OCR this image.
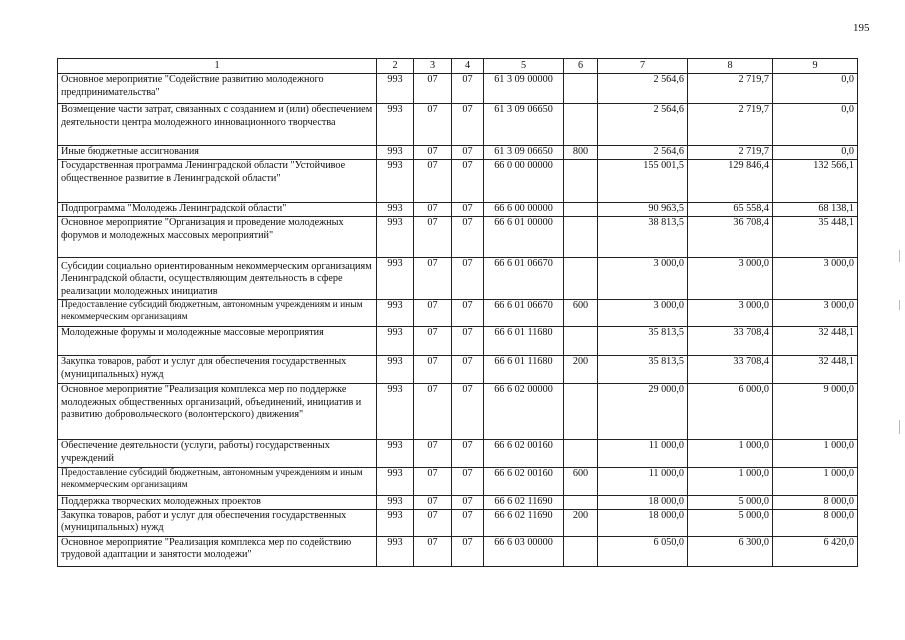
195
1	2	3	4	5	6	7	8	9
Основное мероприятие "Содействие развитию молодежного предпринимательства"	993	07	07	61 3 09 00000		2 564,6	2 719,7	0,0
Возмещение части затрат, связанных с созданием и (или) обеспечением деятельности центра молодежного инновационного творчества	993	07	07	61 3 09 06650		2 564,6	2 719,7	0,0
Иные бюджетные ассигнования	993	07	07	61 3 09 06650	800	2 564,6	2 719,7	0,0
Государственная программа Ленинградской области "Устойчивое общественное развитие в Ленинградской области"	993	07	07	66 0 00 00000		155 001,5	129 846,4	132 566,1
Подпрограмма "Молодежь Ленинградской области"	993	07	07	66 6 00 00000		90 963,5	65 558,4	68 138,1
Основное мероприятие "Организация и проведение молодежных форумов и молодежных массовых мероприятий"	993	07	07	66 6 01 00000		38 813,5	36 708,4	35 448,1
Субсидии социально ориентированным некоммерческим организациям Ленинградской области, осуществляющим деятельность в сфере реализации молодежных инициатив	993	07	07	66 6 01 06670		3 000,0	3 000,0	3 000,0
Предоставление субсидий бюджетным, автономным учреждениям и иным некоммерческим организациям	993	07	07	66 6 01 06670	600	3 000,0	3 000,0	3 000,0
Молодежные форумы и молодежные массовые мероприятия	993	07	07	66 6 01 11680		35 813,5	33 708,4	32 448,1
Закупка товаров, работ и услуг для обеспечения государственных (муниципальных) нужд	993	07	07	66 6 01 11680	200	35 813,5	33 708,4	32 448,1
Основное мероприятие "Реализация комплекса мер по поддержке молодежных общественных организаций, объединений, инициатив и развитию добровольческого (волонтерского) движения"	993	07	07	66 6 02 00000		29 000,0	6 000,0	9 000,0
Обеспечение деятельности (услуги, работы) государственных учреждений	993	07	07	66 6 02 00160		11 000,0	1 000,0	1 000,0
Предоставление субсидий бюджетным, автономным учреждениям и иным некоммерческим организациям	993	07	07	66 6 02 00160	600	11 000,0	1 000,0	1 000,0
Поддержка творческих молодежных проектов	993	07	07	66 6 02 11690		18 000,0	5 000,0	8 000,0
Закупка товаров, работ и услуг для обеспечения государственных (муниципальных) нужд	993	07	07	66 6 02 11690	200	18 000,0	5 000,0	8 000,0
Основное мероприятие "Реализация комплекса мер по содействию трудовой адаптации и занятости молодежи"	993	07	07	66 6 03 00000		6 050,0	6 300,0	6 420,0
